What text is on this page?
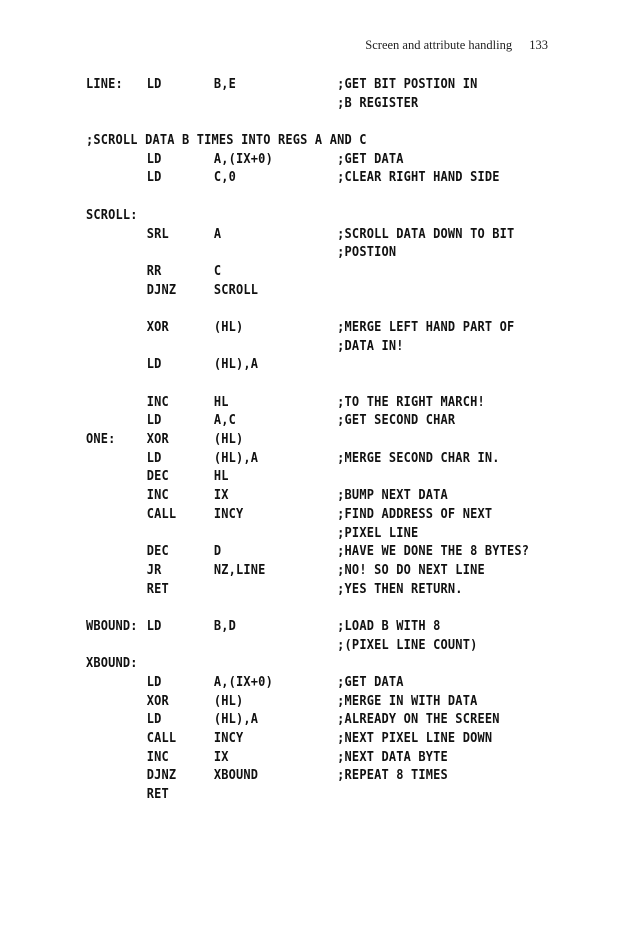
Screen and attribute handling 133
LINE: LD	B,E	;GET BIT POSTION IN
;B REGISTER
;SCROLL DATA B TIMES INTO REGS A AND C
LD	A,(IX+0)	;GET DATA
LD	C,0	;CLEAR RIGHT HAND SIDE
SCROLL:
SRL	A	;SCROLL DATA DOWN TO BIT
;POSTION
RR	C
DJNZ	SCROLL
XOR	(HL)	;MERGE LEFT HAND PART OF
;DATA IN!
LD	(HL),A
INC	HL	;TO THE RIGHT MARCH!
LD	A,C	;GET SECOND CHAR
ONE: XOR	(HL)
LD	(HL),A	;MERGE SECOND CHAR IN.
DEC	HL
INC	IX	;BUMP NEXT DATA
CALL	INCY	;FIND ADDRESS OF NEXT
;PIXEL LINE
DEC	D	;HAVE WE DONE THE 8 BYTES?
JR	NZ,LINE	;NO! SO DO NEXT LINE
RET	;YES THEN RETURN.
WBOUND: LD	B,D	;LOAD B WITH 8
;(PIXEL LINE COUNT)
XBOUND:
LD	A,(IX+0)	;GET DATA
XOR	(HL)	;MERGE IN WITH DATA
LD	(HL),A	;ALREADY ON THE SCREEN
CALL	INCY	;NEXT PIXEL LINE DOWN
INC	IX	;NEXT DATA BYTE
DJNZ	XBOUND	;REPEAT 8 TIMES
RET
